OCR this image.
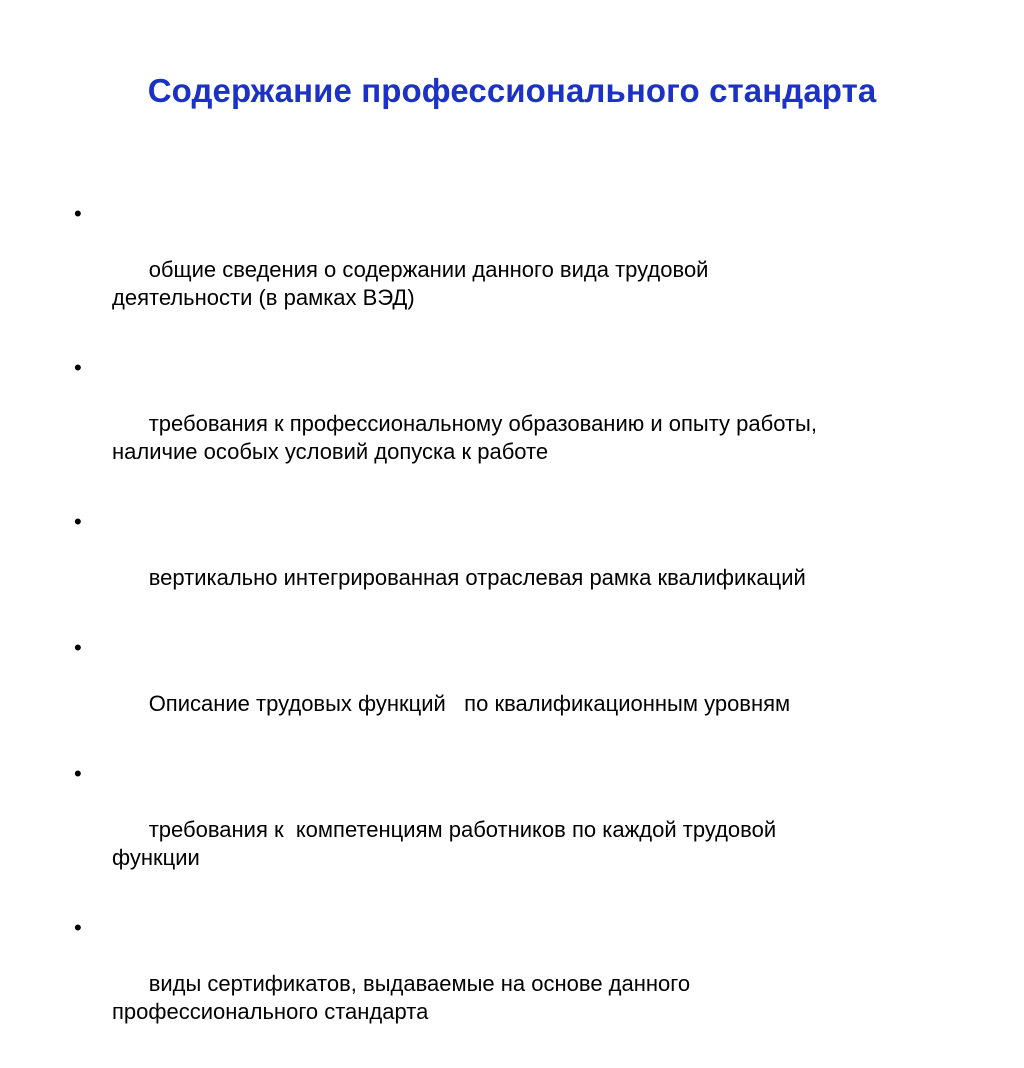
Содержание профессионального стандарта

•

общие сведения о содержании данного вида трудовой
деятельности (в рамках ВЭД)

•

требования к профессиональному образованию и опыту работы,
наличие особых условий допуска к работе

•

вертикально интегрированная отраслевая рамка квалификаций

•

Описание трудовых функций   по квалификационным уровням

•

требования к  компетенциям работников по каждой трудовой
функции

•

виды сертификатов, выдаваемые на основе данного
профессионального стандарта
